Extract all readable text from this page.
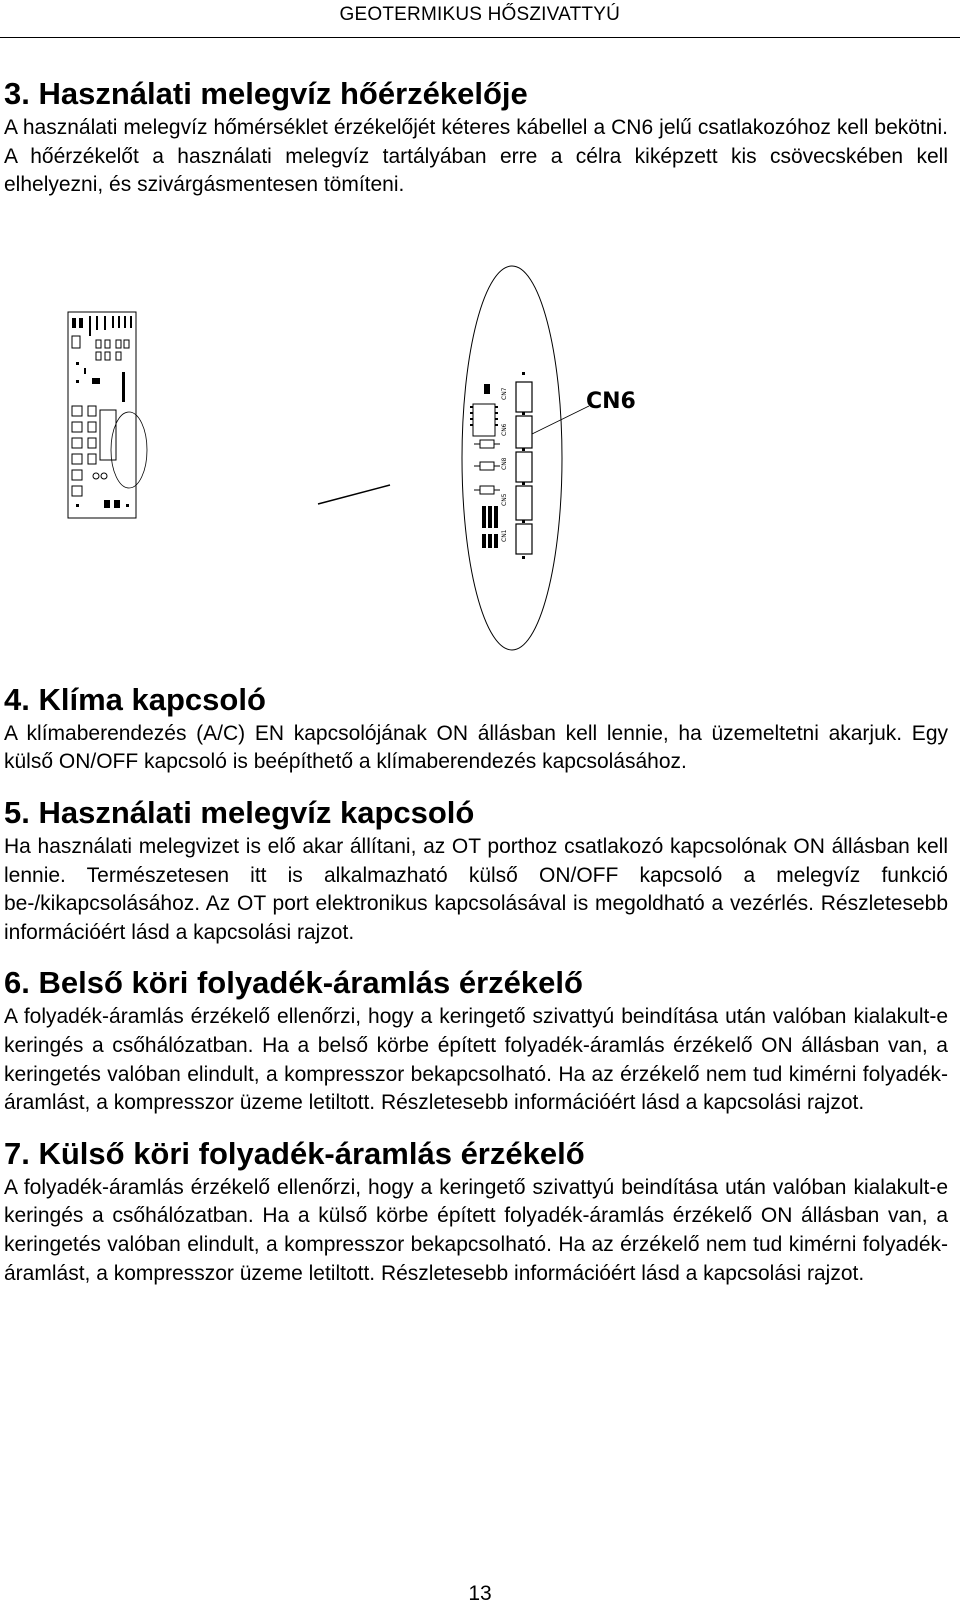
GEOTERMIKUS HŐSZIVATTYÚ
3. Használati melegvíz hőérzékelője

A használati melegvíz hőmérséklet érzékelőjét kéteres kábellel a CN6 jelű csatlakozóhoz kell bekötni. A hőérzékelőt a használati melegvíz tartályában erre a célra kiképzett kis csövecskében kell elhelyezni, és szivárgásmentesen tömíteni.

CN7
CN6
CN8
CN5
CN1
CN6
4. Klíma kapcsoló

A klímaberendezés (A/C) EN kapcsolójának ON állásban kell lennie, ha üzemeltetni akarjuk. Egy külső ON/OFF kapcsoló is beépíthető a klímaberendezés kapcsolásához.

5. Használati melegvíz kapcsoló

Ha használati melegvizet is elő akar állítani, az OT porthoz csatlakozó kapcsolónak ON állásban kell lennie. Természetesen itt is alkalmazható külső ON/OFF kapcsoló a melegvíz funkció be-/kikapcsolásához. Az OT port elektronikus kapcsolásával is megoldható a vezérlés. Részletesebb információért lásd a kapcsolási rajzot.

6. Belső köri folyadék-áramlás érzékelő

A folyadék-áramlás érzékelő ellenőrzi, hogy a keringető szivattyú beindítása után valóban kialakult-e keringés a csőhálózatban. Ha a belső körbe épített folyadék-áramlás érzékelő ON állásban van, a keringetés valóban elindult, a kompresszor bekapcsolható. Ha az érzékelő nem tud kimérni folyadék-áramlást, a kompresszor üzeme letiltott. Részletesebb információért lásd a kapcsolási rajzot.

7. Külső köri folyadék-áramlás érzékelő

A folyadék-áramlás érzékelő ellenőrzi, hogy a keringető szivattyú beindítása után valóban kialakult-e keringés a csőhálózatban. Ha a külső körbe épített folyadék-áramlás érzékelő ON állásban van, a keringetés valóban elindult, a kompresszor bekapcsolható. Ha az érzékelő nem tud kimérni folyadék-áramlást, a kompresszor üzeme letiltott. Részletesebb információért lásd a kapcsolási rajzot.

13
